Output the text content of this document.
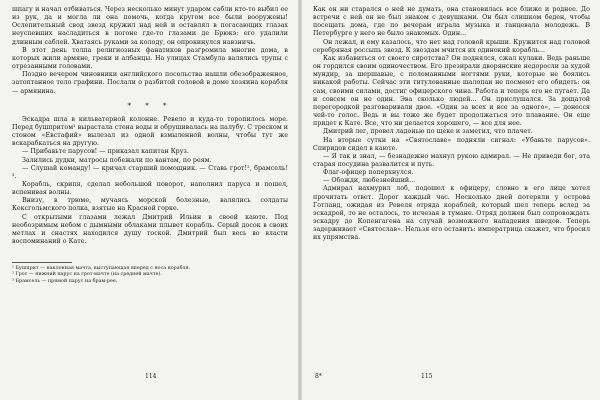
шпагу и начал отбиваться. Через несколько минут ударом сабли кто-то выбил ее из рук, да и могла ли она помочь, когда кругом все были вооружены! Ослепительный свод звезд кружил над ней и оставлял в погасающих глазах неуспевших насладиться в погоне где-то глазами де Брюкэ: его удалили длинным саблей. Хватаясь руками за колоду, он опрокинулся навзничь.

В этот день толпа религиозных фанатиков разгромила многие дома, в которых жили армяне, греки и албанцы. На улицах Стамбула валялись трупы с отрезанными головами.

Поздно вечером чиновники английского посольства нашли обезображенное, затоптанное тело графини. Послали о разбитой головой в доме хозяина корабля — армянина.

* * *

Эскадра шла в кильватерной колонне. Ревело и куда-то торопилось море. Перед бушпритом¹ вырастала стена воды и обрушивалась на палубу. С треском и стоном «Евстафий» вылезал из одной взмыленной волны, чтобы тут же вскарабкаться на другую.

— Прибавьте парусов! — приказал капитан Круз.

Залились дудки, матросы побежали по вантам, по реям.

— Слушай команду! — кричал старший помощник. — Ставь грот!², брамсель!³.

Корабль, скрипя, сделал небольшой поворот, наполнил паруса и пошел, вспенивая волны.

Внизу, в трюме, мучаясь морской болезнью, валялись солдаты Кексгольмского полка, взятые на Красной горке.

С открытыми глазами лежал Дмитрий Ильин в своей каюте. Под необозримым небом с дымными облаками плывет корабль. Серый досок в своих метлах и снастях находился душу тоской. Дмитрий был весь во власти воспоминаний о Кате.

¹ Бушприт — наклонная мачта, выступающая вперед с носа корабля.

² Грот — нижний парус на грот-мачте (на средней мачте).

³ Брамсель — прямой парус на брам-рее.

114

Как он ни старался о ней не думать, она становилась все ближе и роднее. До встречи с ней он не был знаком с девушками. Он был слишком беден, чтобы посещать дома, где по вечерам играла музыка и танцевала молодежь. В Петербурге у него не было знакомых. Один...

Он лежал, и ему казалось, что нет над головой крыши. Кружится над головой серебряная россыпь звезд. К звездам мчится их одинокий корабль...

Как избавиться от своего сиротства? Он поднялся, сжал кулаки. Ведь раньше он гордился своим одиночеством. Его презирали дворянские недоросли за худой мундир, за шершавые, с поломанными ногтями руки, которые не боялись никакой работы. Сейчас эти титулованные шалопаи не посмеют его обидеть: он сам, своими силами, достиг офицерского чина. Работа и теперь его не пугает. Да и совсем он не один. Эва сколько людей... Он прислушался. За дощатой перегородкой разговаривали двое. «Один за всех и все за одного», — донесся чей-то голос. Ведь и вы тоже же будет продолжаться это плавание. Он еще придет к Кате. Все, что ни делается хорошего, — все для нее.

Дмитрий лег, провел ладонью по щеке и заметил, что плачет.

На вторые сутки на «Святославе» подняли сигнал: «Убавьте парусов». Спиридов сидел в каюте.

— Я так и знал, — безнадежно махнул рукою адмирал. — Не приведи бог, эта старая посудина развалится и путь.

Флаг-офицер поперхнулся.

— Обожди, любезнейший...

Адмирал нахмурил лоб, подошел к офицеру, словно в его лице хотел прочитать ответ. Дорог каждый час. Несколько дней потеряли у острова Готланд, ожидая из Ревеля отряда кораблей, который шел теперь вслед за эскадрой, то не осталось, то исчезая в тумане. Отряд должен был сопровождать эскадру до Копенгагена на случай возможного нападения шведов. Теперь задерживает «Святослав». Нельзя его оставить: императрица скажет, что бросил их упрямства.

8*	115
